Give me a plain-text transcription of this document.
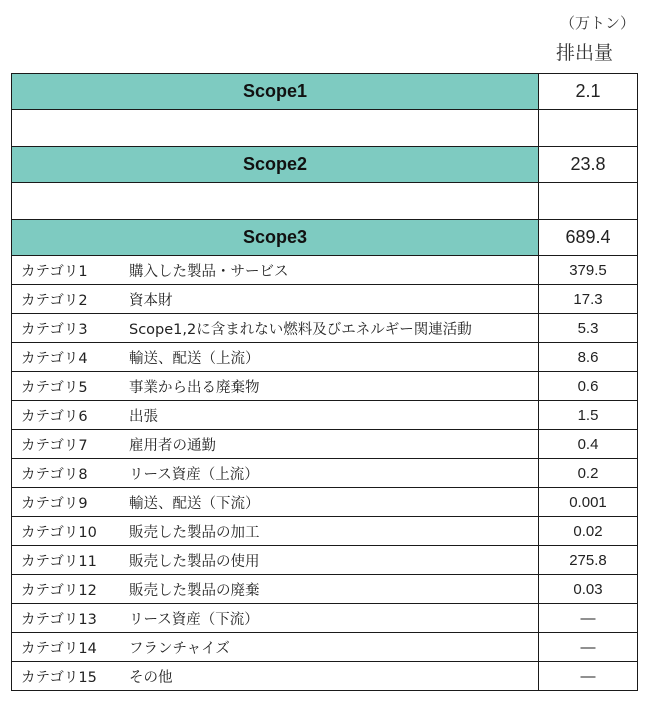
（万トン）
排出量
Scope1	2.1

Scope2	23.8

Scope3	689.4
カテゴリ1 購入した製品・サービス	379.5
カテゴリ2 資本財	17.3
カテゴリ3 Scope1,2に含まれない燃料及びエネルギー関連活動	5.3
カテゴリ4 輸送、配送（上流）	8.6
カテゴリ5 事業から出る廃棄物	0.6
カテゴリ6 出張	1.5
カテゴリ7 雇用者の通勤	0.4
カテゴリ8 リース資産（上流）	0.2
カテゴリ9 輸送、配送（下流）	0.001
カテゴリ10 販売した製品の加工	0.02
カテゴリ11 販売した製品の使用	275.8
カテゴリ12 販売した製品の廃棄	0.03
カテゴリ13 リース資産（下流）	―
カテゴリ14 フランチャイズ	―
カテゴリ15 その他	―
